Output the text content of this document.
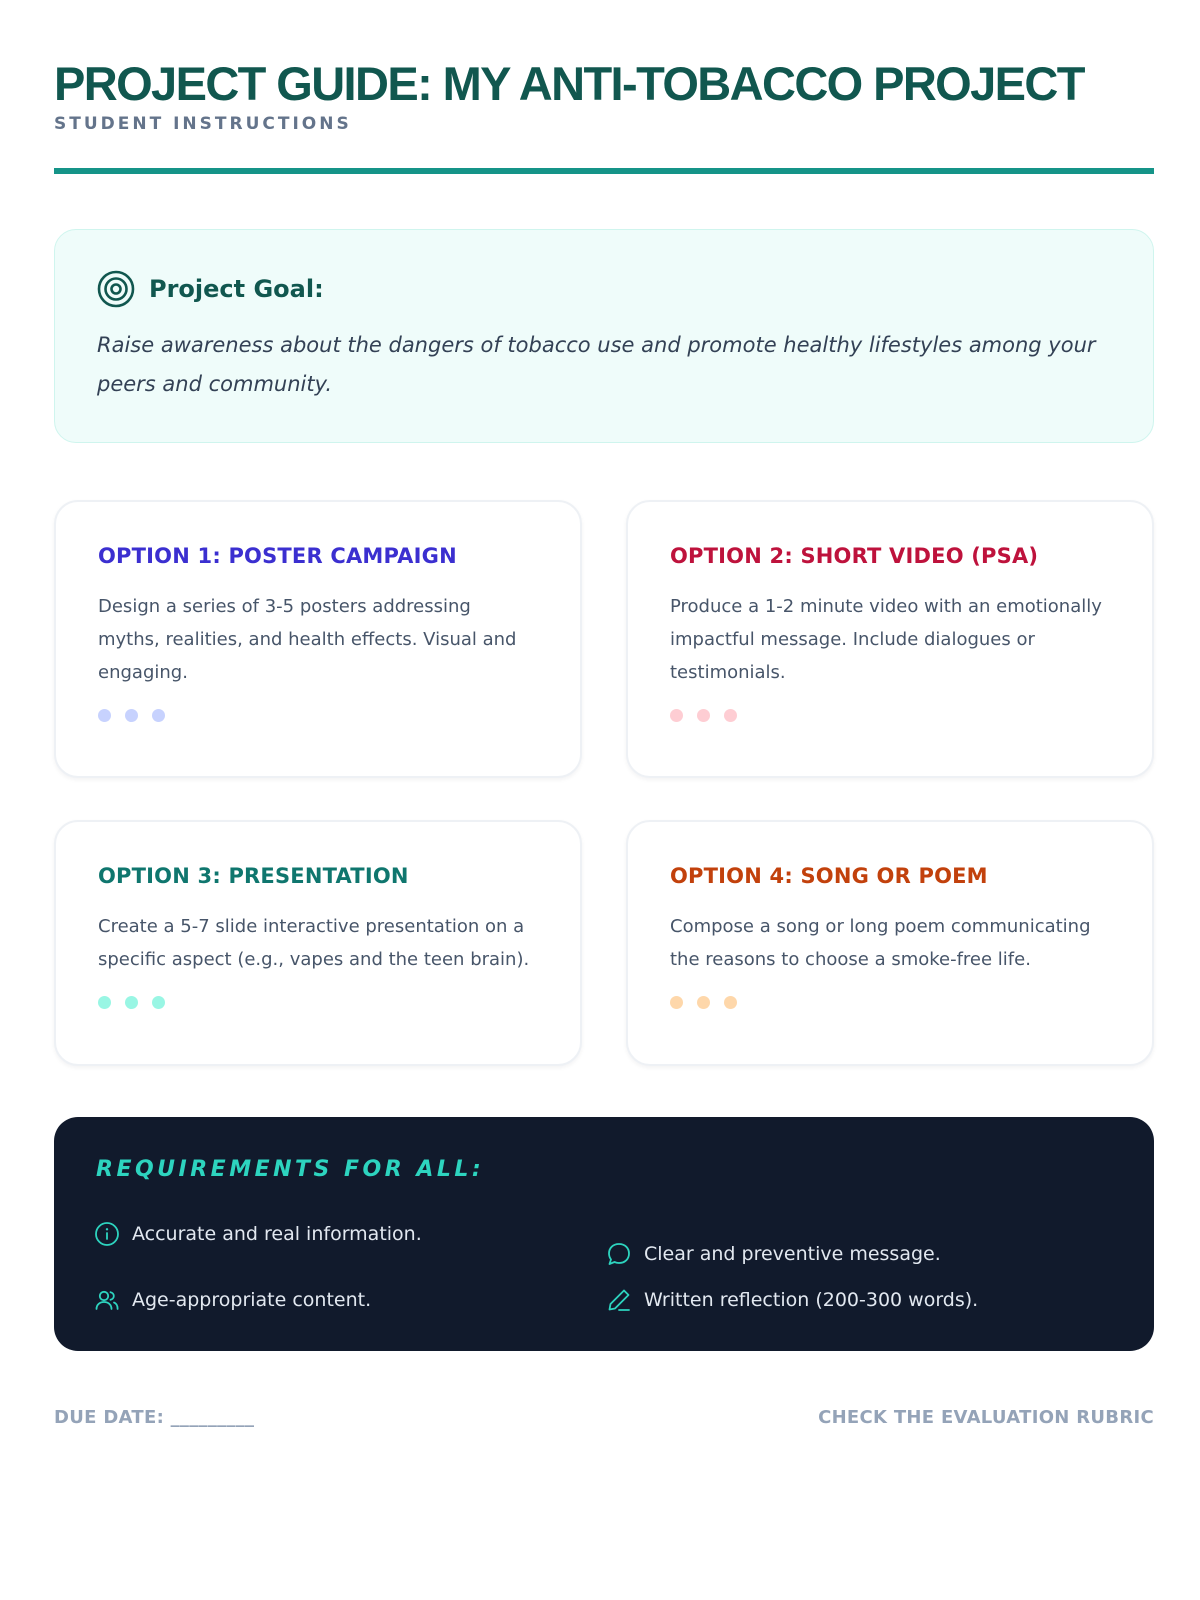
PROJECT GUIDE: MY ANTI-TOBACCO PROJECT
STUDENT INSTRUCTIONS
Project Goal:
Raise awareness about the dangers of tobacco use and promote healthy lifestyles among your peers and community.
OPTION 1: POSTER CAMPAIGN
Design a series of 3-5 posters addressing myths, realities, and health effects. Visual and engaging.
OPTION 2: SHORT VIDEO (PSA)
Produce a 1-2 minute video with an emotionally impactful message. Include dialogues or testimonials.
OPTION 3: PRESENTATION
Create a 5-7 slide interactive presentation on a specific aspect (e.g., vapes and the teen brain).
OPTION 4: SONG OR POEM
Compose a song or long poem communicating the reasons to choose a smoke-free life.
REQUIREMENTS FOR ALL:
Accurate and real information.
Clear and preventive message.
Age-appropriate content.	Written reflection (200-300 words).
DUE DATE: _________	CHECK THE EVALUATION RUBRIC
